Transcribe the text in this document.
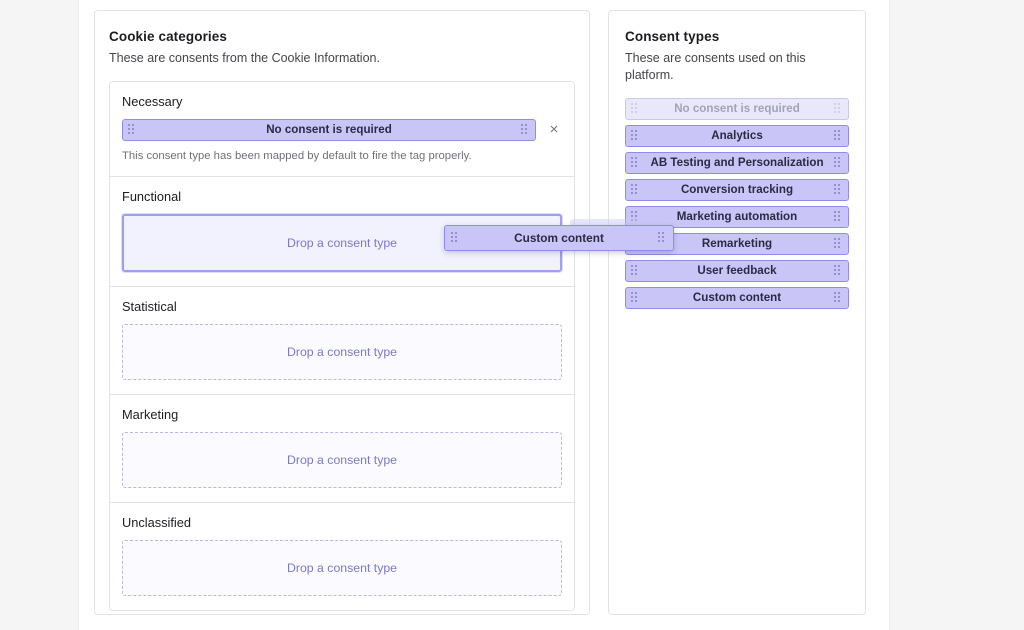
Cookie categories
These are consents from the Cookie Information.
Necessary
No consent is required	×
This consent type has been mapped by default to fire the tag properly.
Functional
Drop a consent type
Statistical
Drop a consent type
Marketing
Drop a consent type
Unclassified
Drop a consent type
Consent types
These are consents used on this platform.
No consent is required
Analytics
AB Testing and Personalization
Conversion tracking
Marketing automation
Remarketing
User feedback
Custom content
Custom content
